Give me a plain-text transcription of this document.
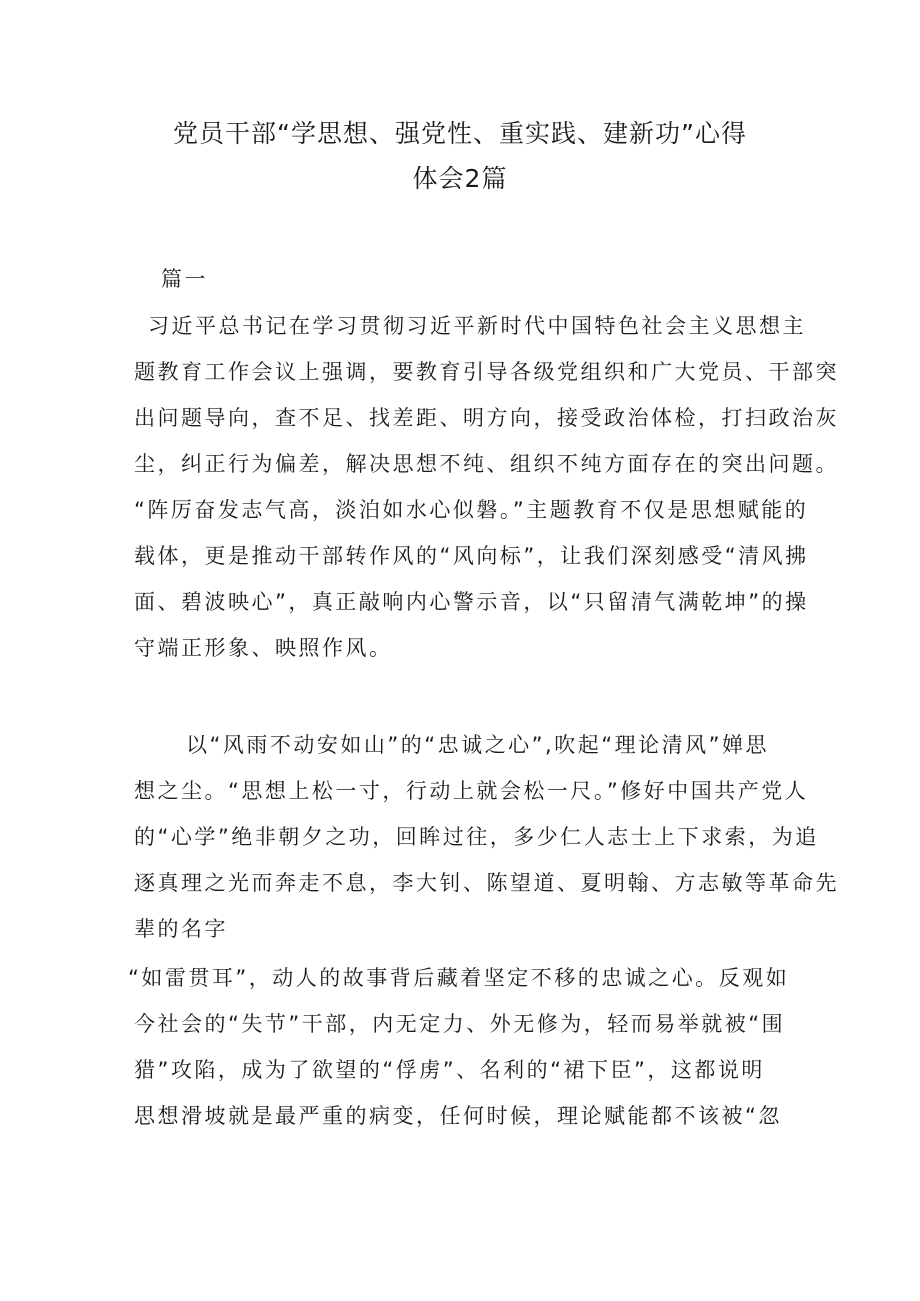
党员干部“学思想、强党性、重实践、建新功”心得
体会2篇
篇一
习近平总书记在学习贯彻习近平新时代中国特色社会主义思想主
题教育工作会议上强调，要教育引导各级党组织和广大党员、干部突
出问题导向，查不足、找差距、明方向，接受政治体检，打扫政治灰
尘，纠正行为偏差，解决思想不纯、组织不纯方面存在的突出问题。
“阵厉奋发志气高，淡泊如水心似磐。”主题教育不仅是思想赋能的
载体，更是推动干部转作风的“风向标”，让我们深刻感受“清风拂
面、碧波映心”，真正敲响内心警示音，以“只留清气满乾坤”的操
守端正形象、映照作风。
以“风雨不动安如山”的“忠诚之心”,吹起“理论清风”婵思
想之尘。“思想上松一寸，行动上就会松一尺。”修好中国共产党人
的“心学”绝非朝夕之功，回眸过往，多少仁人志士上下求索，为追
逐真理之光而奔走不息，李大钊、陈望道、夏明翰、方志敏等革命先
辈的名字
“如雷贯耳”，动人的故事背后藏着坚定不移的忠诚之心。反观如
今社会的“失节”干部，内无定力、外无修为，轻而易举就被“围
猎”攻陷，成为了欲望的“俘虏”、名利的“裙下臣”，这都说明
思想滑坡就是最严重的病变，任何时候，理论赋能都不该被“忽
